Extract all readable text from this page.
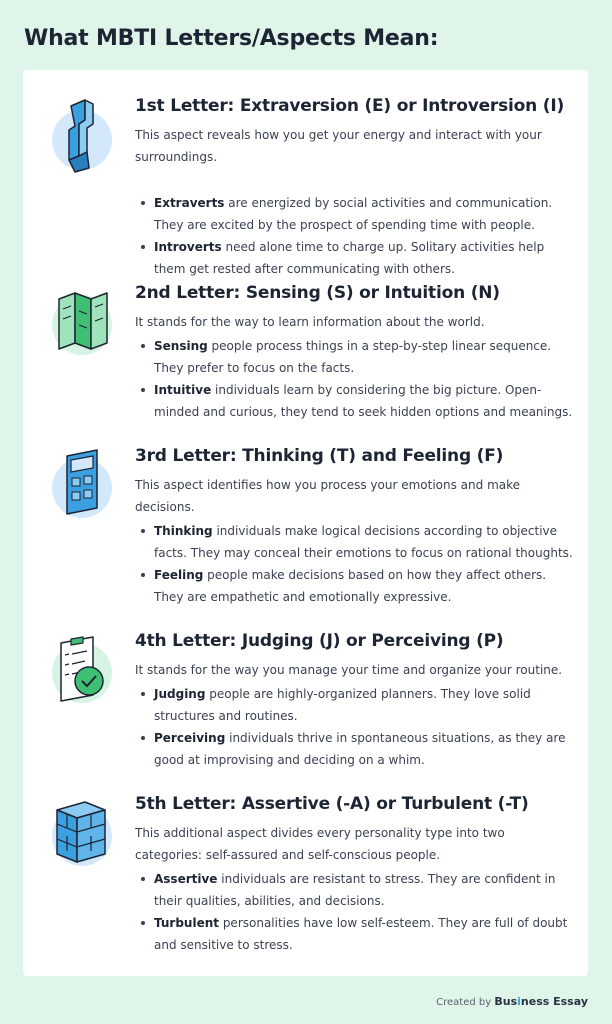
What MBTI Letters/Aspects Mean:
1st Letter: Extraversion (E) or Introversion (I)
This aspect reveals how you get your energy and interact with your surroundings.
Extraverts are energized by social activities and communication. They are excited by the prospect of spending time with people.
Introverts need alone time to charge up. Solitary activities help them get rested after communicating with others.
2nd Letter: Sensing (S) or Intuition (N)
It stands for the way to learn information about the world.
Sensing people process things in a step-by-step linear sequence. They prefer to focus on the facts.
Intuitive individuals learn by considering the big picture. Open-minded and curious, they tend to seek hidden options and meanings.
3rd Letter: Thinking (T) and Feeling (F)
This aspect identifies how you process your emotions and make decisions.
Thinking individuals make logical decisions according to objective facts. They may conceal their emotions to focus on rational thoughts.
Feeling people make decisions based on how they affect others. They are empathetic and emotionally expressive.
4th Letter: Judging (J) or Perceiving (P)
It stands for the way you manage your time and organize your routine.
Judging people are highly-organized planners. They love solid structures and routines.
Perceiving individuals thrive in spontaneous situations, as they are good at improvising and deciding on a whim.
5th Letter: Assertive (-A) or Turbulent (-T)
This additional aspect divides every personality type into two categories: self-assured and self-conscious people.
Assertive individuals are resistant to stress. They are confident in their qualities, abilities, and decisions.
Turbulent personalities have low self-esteem. They are full of doubt and sensitive to stress.
Created by Business Essay
